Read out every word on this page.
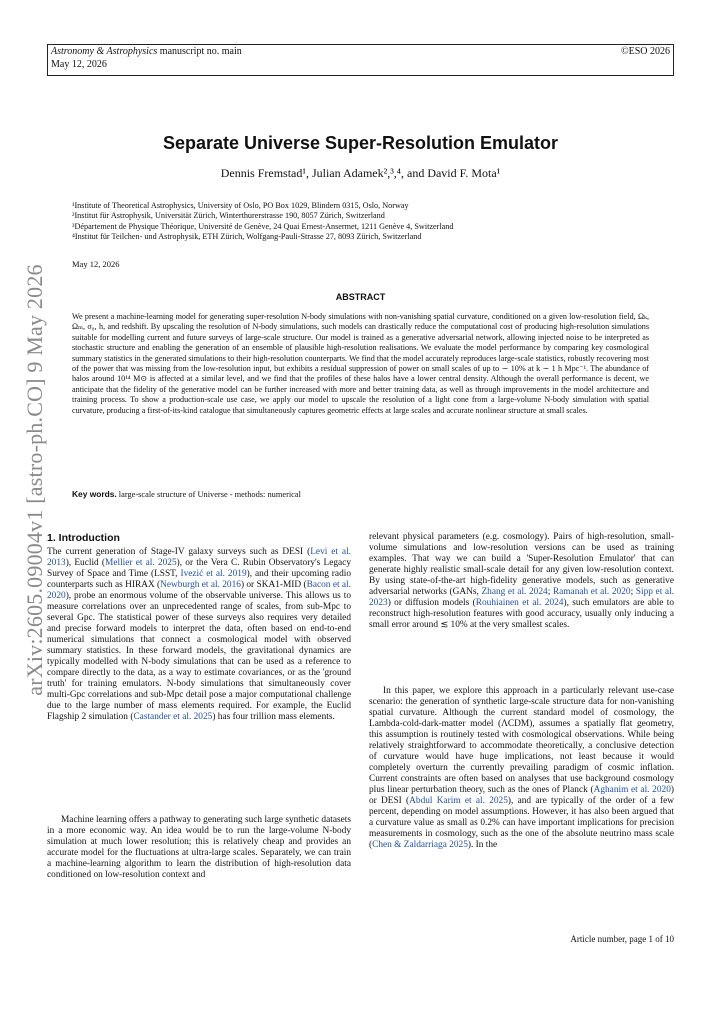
Astronomy & Astrophysics manuscript no. main
May 12, 2026
©ESO 2026
arXiv:2605.09004v1 [astro-ph.CO] 9 May 2026
Separate Universe Super-Resolution Emulator
Dennis Fremstad¹, Julian Adamek²,³,⁴, and David F. Mota¹
¹Institute of Theoretical Astrophysics, University of Oslo, PO Box 1029, Blindern 0315, Oslo, Norway
²Institut für Astrophysik, Universität Zürich, Winterthurerstrasse 190, 8057 Zürich, Switzerland
³Département de Physique Théorique, Université de Genève, 24 Quai Ernest-Ansermet, 1211 Genève 4, Switzerland
⁴Institut für Teilchen- und Astrophysik, ETH Zürich, Wolfgang-Pauli-Strasse 27, 8093 Zürich, Switzerland
May 12, 2026
ABSTRACT
We present a machine-learning model for generating super-resolution N-body simulations with non-vanishing spatial curvature, conditioned on a given low-resolution field, Ωₖ, Ωₘ, σ₈, h, and redshift. By upscaling the resolution of N-body simulations, such models can drastically reduce the computational cost of producing high-resolution simulations suitable for modelling current and future surveys of large-scale structure. Our model is trained as a generative adversarial network, allowing injected noise to be interpreted as stochastic structure and enabling the generation of an ensemble of plausible high-resolution realisations. We evaluate the model performance by comparing key cosmological summary statistics in the generated simulations to their high-resolution counterparts. We find that the model accurately reproduces large-scale statistics, robustly recovering most of the power that was missing from the low-resolution input, but exhibits a residual suppression of power on small scales of up to ∼ 10% at k ∼ 1 h Mpc⁻¹. The abundance of halos around 10¹⁴ M⊙ is affected at a similar level, and we find that the profiles of these halos have a lower central density. Although the overall performance is decent, we anticipate that the fidelity of the generative model can be further increased with more and better training data, as well as through improvements in the model architecture and training process. To show a production-scale use case, we apply our model to upscale the resolution of a light cone from a large-volume N-body simulation with spatial curvature, producing a first-of-its-kind catalogue that simultaneously captures geometric effects at large scales and accurate nonlinear structure at small scales.
Key words. large-scale structure of Universe - methods: numerical
1. Introduction

The current generation of Stage-IV galaxy surveys such as DESI (Levi et al. 2013), Euclid (Mellier et al. 2025), or the Vera C. Rubin Observatory's Legacy Survey of Space and Time (LSST, Ivezić et al. 2019), and their upcoming radio counterparts such as HIRAX (Newburgh et al. 2016) or SKA1-MID (Bacon et al. 2020), probe an enormous volume of the observable universe. This allows us to measure correlations over an unprecedented range of scales, from sub-Mpc to several Gpc. The statistical power of these surveys also requires very detailed and precise forward models to interpret the data, often based on end-to-end numerical simulations that connect a cosmological model with observed summary statistics. In these forward models, the gravitational dynamics are typically modelled with N-body simulations that can be used as a reference to compare directly to the data, as a way to estimate covariances, or as the 'ground truth' for training emulators. N-body simulations that simultaneously cover multi-Gpc correlations and sub-Mpc detail pose a major computational challenge due to the large number of mass elements required. For example, the Euclid Flagship 2 simulation (Castander et al. 2025) has four trillion mass elements.

Machine learning offers a pathway to generating such large synthetic datasets in a more economic way. An idea would be to run the large-volume N-body simulation at much lower resolution; this is relatively cheap and provides an accurate model for the fluctuations at ultra-large scales. Separately, we can train a machine-learning algorithm to learn the distribution of high-resolution data conditioned on low-resolution context and

relevant physical parameters (e.g. cosmology). Pairs of high-resolution, small-volume simulations and low-resolution versions can be used as training examples. That way we can build a 'Super-Resolution Emulator' that can generate highly realistic small-scale detail for any given low-resolution context. By using state-of-the-art high-fidelity generative models, such as generative adversarial networks (GANs, Zhang et al. 2024; Ramanah et al. 2020; Sipp et al. 2023) or diffusion models (Rouhiainen et al. 2024), such emulators are able to reconstruct high-resolution features with good accuracy, usually only inducing a small error around ≲ 10% at the very smallest scales.

In this paper, we explore this approach in a particularly relevant use-case scenario: the generation of synthetic large-scale structure data for non-vanishing spatial curvature. Although the current standard model of cosmology, the Lambda-cold-dark-matter model (ΛCDM), assumes a spatially flat geometry, this assumption is routinely tested with cosmological observations. While being relatively straightforward to accommodate theoretically, a conclusive detection of curvature would have huge implications, not least because it would completely overturn the currently prevailing paradigm of cosmic inflation. Current constraints are often based on analyses that use background cosmology plus linear perturbation theory, such as the ones of Planck (Aghanim et al. 2020) or DESI (Abdul Karim et al. 2025), and are typically of the order of a few percent, depending on model assumptions. However, it has also been argued that a curvature value as small as 0.2% can have important implications for precision measurements in cosmology, such as the one of the absolute neutrino mass scale (Chen & Zaldarriaga 2025). In the

Article number, page 1 of 10
